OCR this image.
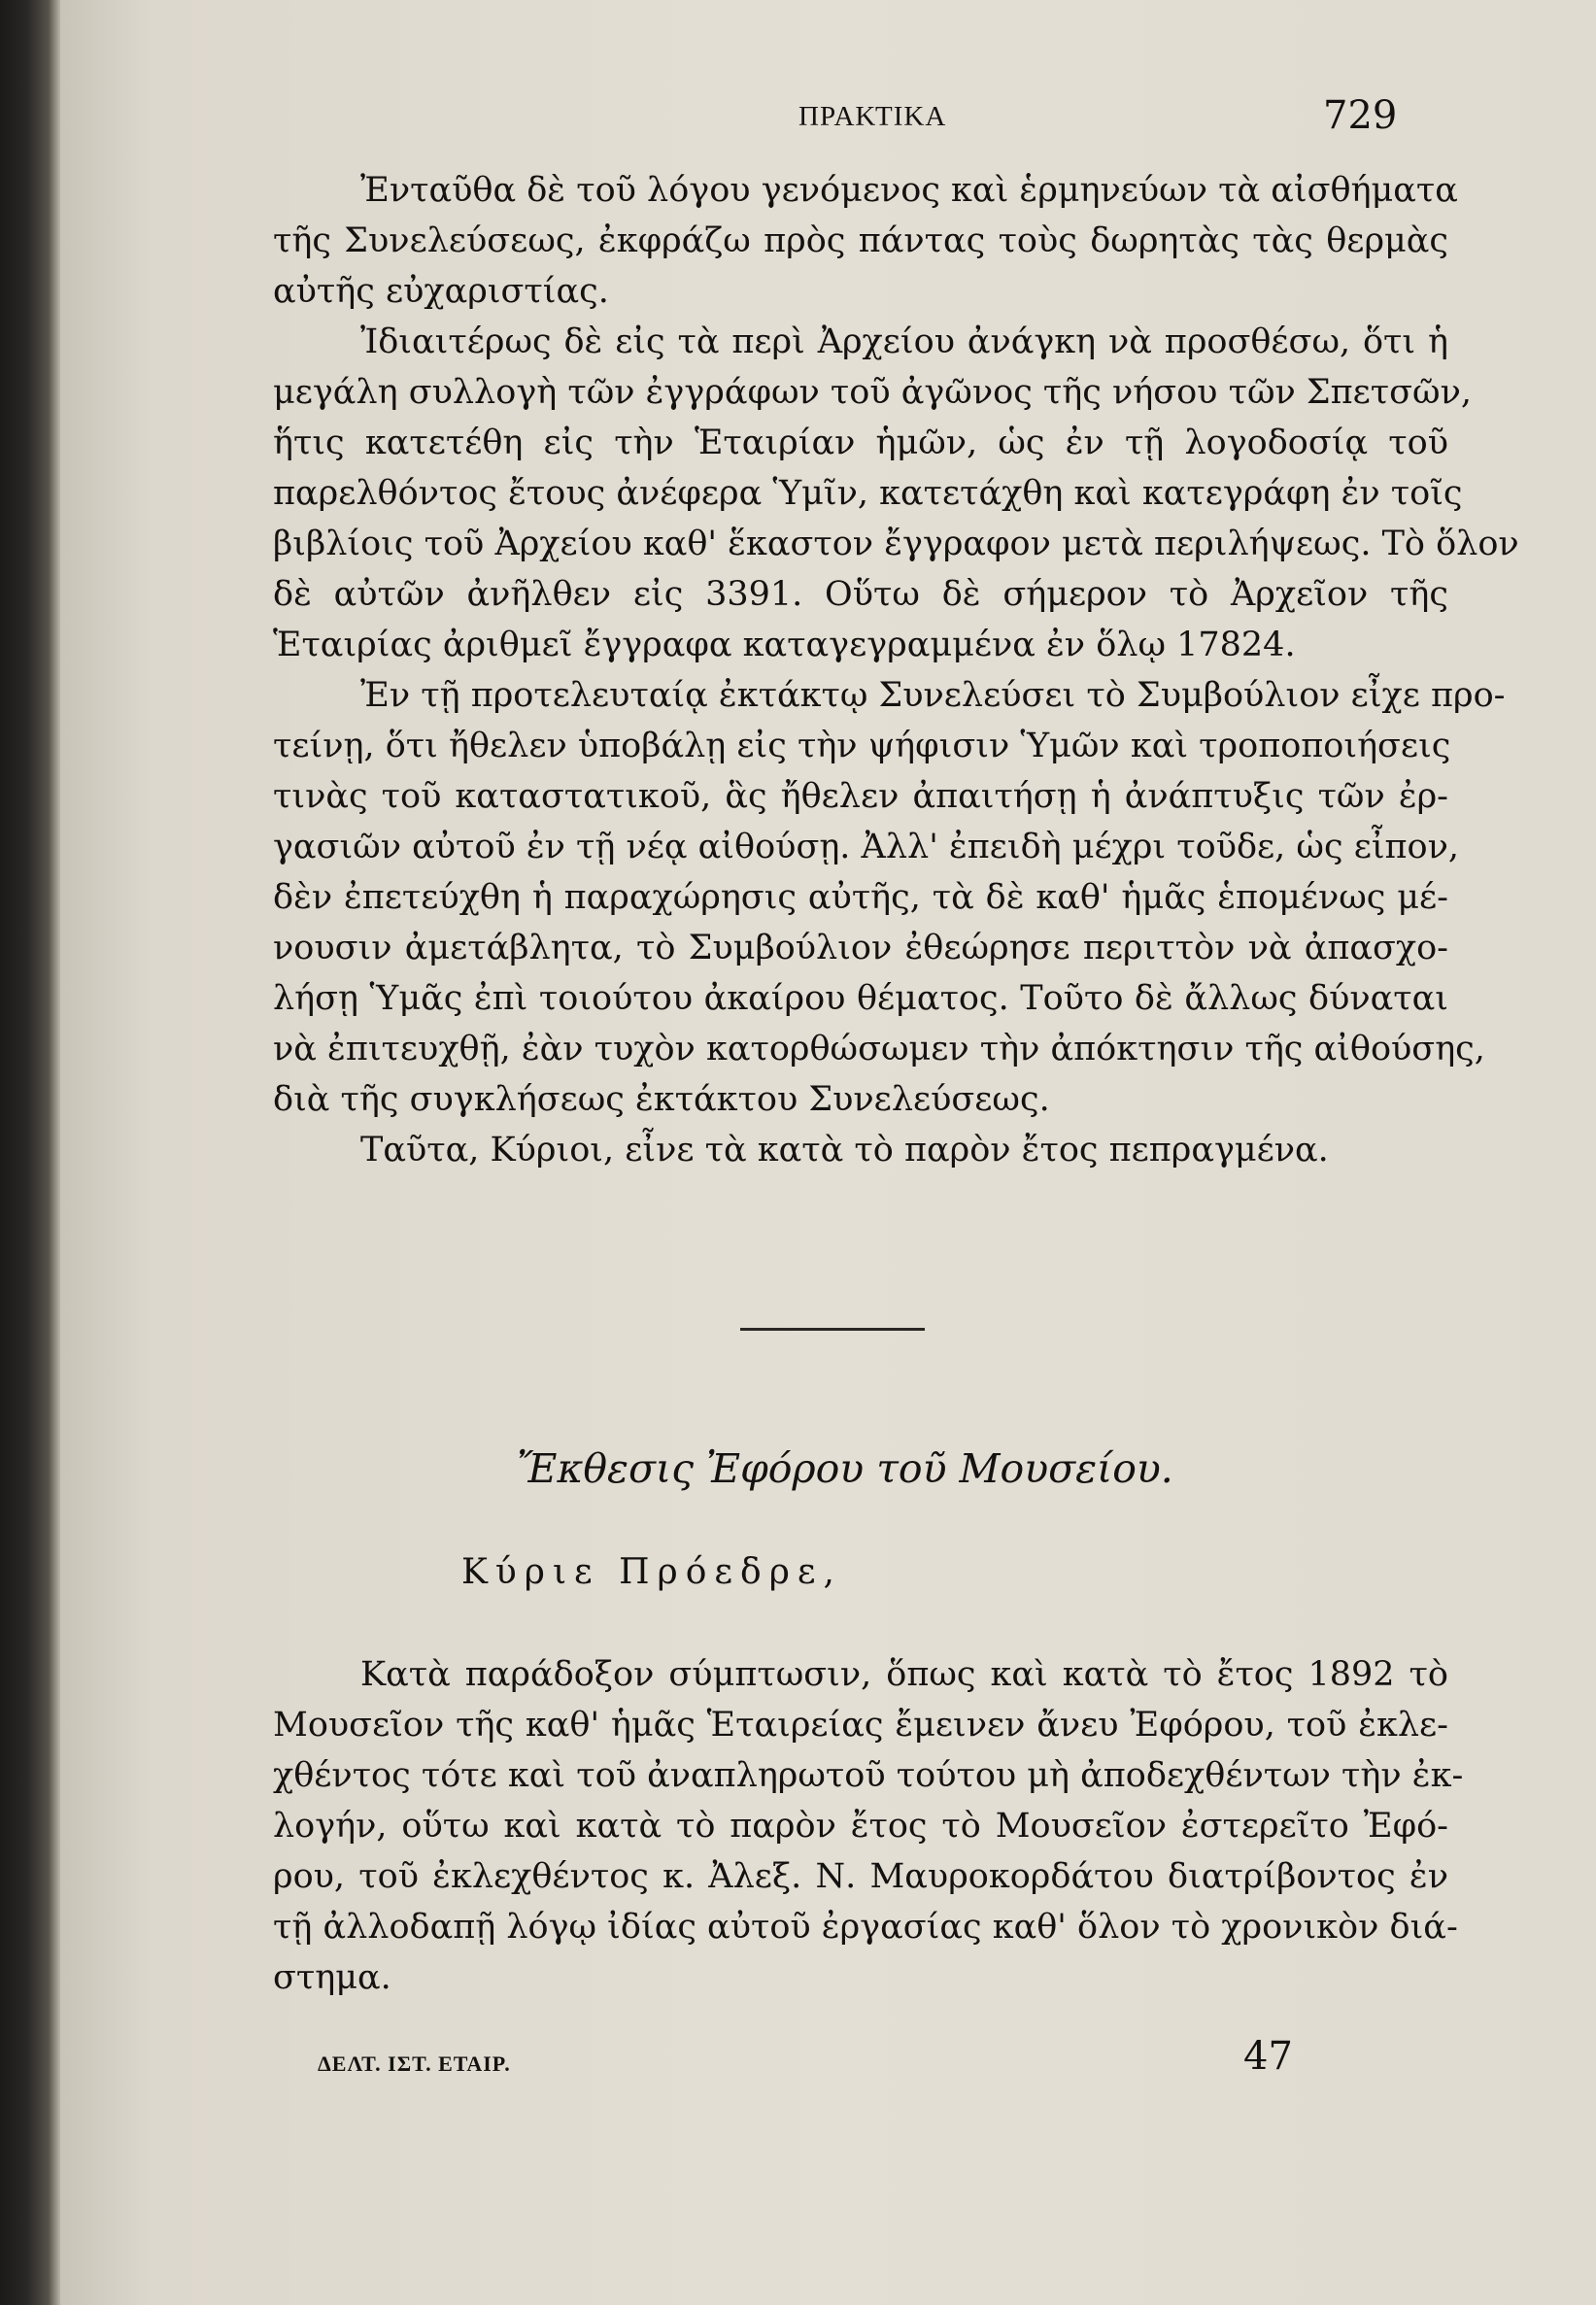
ΠΡΑΚΤΙΚΑ	729
Ἐνταῦθα δὲ τοῦ λόγου γενόμενος καὶ ἑρμηνεύων τὰ αἰσθήματα
τῆς Συνελεύσεως, ἐκφράζω πρὸς πάντας τοὺς δωρητὰς τὰς θερμὰς
αὐτῆς εὐχαριστίας.
Ἰδιαιτέρως δὲ εἰς τὰ περὶ Ἀρχείου ἀνάγκη νὰ προσθέσω, ὅτι ἡ
μεγάλη συλλογὴ τῶν ἐγγράφων τοῦ ἀγῶνος τῆς νήσου τῶν Σπετσῶν,
ἥτις κατετέθη εἰς τὴν Ἑταιρίαν ἡμῶν, ὡς ἐν τῇ λογοδοσίᾳ τοῦ
παρελθόντος ἔτους ἀνέφερα Ὑμῖν, κατετάχθη καὶ κατεγράφη ἐν τοῖς
βιβλίοις τοῦ Ἀρχείου καθ' ἕκαστον ἔγγραφον μετὰ περιλήψεως. Τὸ ὅλον
δὲ αὐτῶν ἀνῆλθεν εἰς 3391. Οὕτω δὲ σήμερον τὸ Ἀρχεῖον τῆς
Ἑταιρίας ἀριθμεῖ ἔγγραφα καταγεγραμμένα ἐν ὅλῳ 17824.
Ἐν τῇ προτελευταίᾳ ἐκτάκτῳ Συνελεύσει τὸ Συμβούλιον εἶχε προ-
τείνῃ, ὅτι ἤθελεν ὑποβάλῃ εἰς τὴν ψήφισιν Ὑμῶν καὶ τροποποιήσεις
τινὰς τοῦ καταστατικοῦ, ἃς ἤθελεν ἀπαιτήσῃ ἡ ἀνάπτυξις τῶν ἐρ-
γασιῶν αὐτοῦ ἐν τῇ νέᾳ αἰθούσῃ. Ἀλλ' ἐπειδὴ μέχρι τοῦδε, ὡς εἶπον,
δὲν ἐπετεύχθη ἡ παραχώρησις αὐτῆς, τὰ δὲ καθ' ἡμᾶς ἑπομένως μέ-
νουσιν ἀμετάβλητα, τὸ Συμβούλιον ἐθεώρησε περιττὸν νὰ ἀπασχο-
λήσῃ Ὑμᾶς ἐπὶ τοιούτου ἀκαίρου θέματος. Τοῦτο δὲ ἄλλως δύναται
νὰ ἐπιτευχθῇ, ἐὰν τυχὸν κατορθώσωμεν τὴν ἀπόκτησιν τῆς αἰθούσης,
διὰ τῆς συγκλήσεως ἐκτάκτου Συνελεύσεως.
Ταῦτα, Κύριοι, εἶνε τὰ κατὰ τὸ παρὸν ἔτος πεπραγμένα.
Ἔκθεσις Ἐφόρου τοῦ Μουσείου.
Κύριε Πρόεδρε,
Κατὰ παράδοξον σύμπτωσιν, ὅπως καὶ κατὰ τὸ ἔτος 1892 τὸ
Μουσεῖον τῆς καθ' ἡμᾶς Ἑταιρείας ἔμεινεν ἄνευ Ἐφόρου, τοῦ ἐκλε-
χθέντος τότε καὶ τοῦ ἀναπληρωτοῦ τούτου μὴ ἀποδεχθέντων τὴν ἐκ-
λογήν, οὕτω καὶ κατὰ τὸ παρὸν ἔτος τὸ Μουσεῖον ἐστερεῖτο Ἐφό-
ρου, τοῦ ἐκλεχθέντος κ. Ἀλεξ. Ν. Μαυροκορδάτου διατρίβοντος ἐν
τῇ ἀλλοδαπῇ λόγῳ ἰδίας αὐτοῦ ἐργασίας καθ' ὅλον τὸ χρονικὸν διά-
στημα.
ΔΕΛΤ. ΙΣΤ. ΕΤΑΙΡ.	47
